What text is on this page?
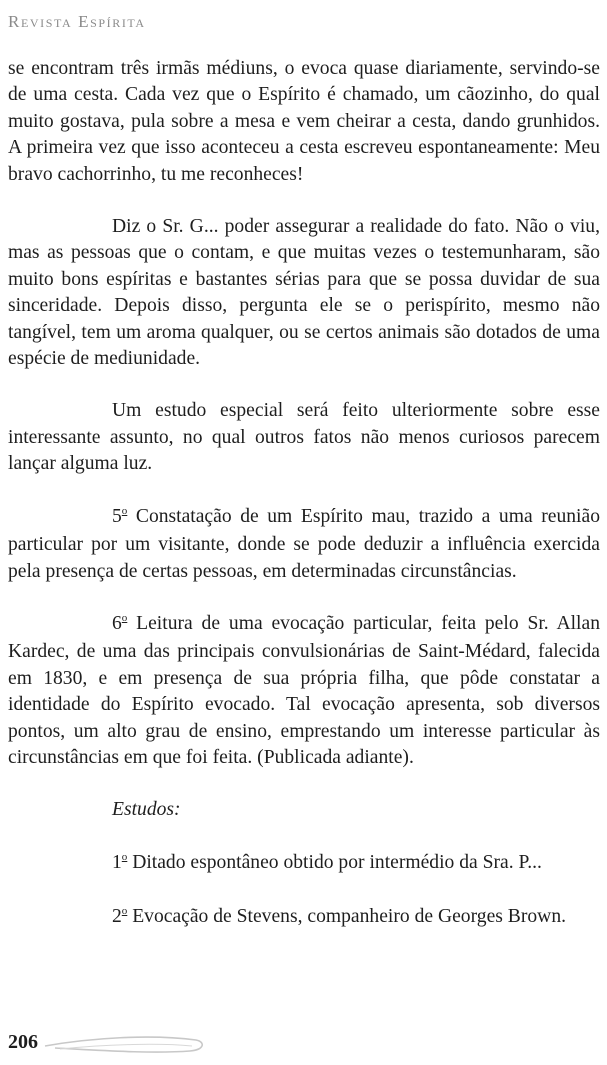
Revista Espírita

se encontram três irmãs médiuns, o evoca quase diariamente, servindo-se de uma cesta. Cada vez que o Espírito é chamado, um cãozinho, do qual muito gostava, pula sobre a mesa e vem cheirar a cesta, dando grunhidos. A primeira vez que isso aconteceu a cesta escreveu espontaneamente: Meu bravo cachorrinho, tu me reconheces!

Diz o Sr. G... poder assegurar a realidade do fato. Não o viu, mas as pessoas que o contam, e que muitas vezes o testemunharam, são muito bons espíritas e bastantes sérias para que se possa duvidar de sua sinceridade. Depois disso, pergunta ele se o perispírito, mesmo não tangível, tem um aroma qualquer, ou se certos animais são dotados de uma espécie de mediunidade.

Um estudo especial será feito ulteriormente sobre esse interessante assunto, no qual outros fatos não menos curiosos parecem lançar alguma luz.

5$^o$ Constatação de um Espírito mau, trazido a uma reunião particular por um visitante, donde se pode deduzir a influência exercida pela presença de certas pessoas, em determinadas circunstâncias.

6$^o$ Leitura de uma evocação particular, feita pelo Sr. Allan Kardec, de uma das principais convulsionárias de Saint-Médard, falecida em 1830, e em presença de sua própria filha, que pôde constatar a identidade do Espírito evocado. Tal evocação apresenta, sob diversos pontos, um alto grau de ensino, emprestando um interesse particular às circunstâncias em que foi feita. (Publicada adiante).

Estudos:

1$^o$ Ditado espontâneo obtido por intermédio da Sra. P...

2$^o$ Evocação de Stevens, companheiro de Georges Brown.

206
